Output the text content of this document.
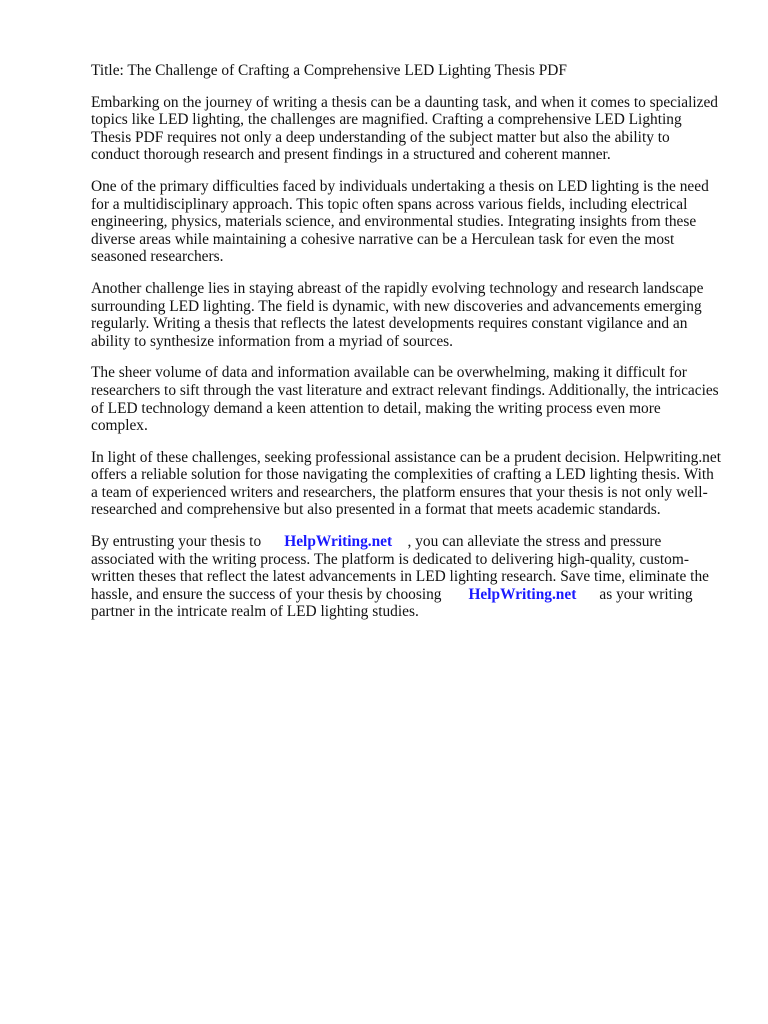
Title: The Challenge of Crafting a Comprehensive LED Lighting Thesis PDF

Embarking on the journey of writing a thesis can be a daunting task, and when it comes to specialized topics like LED lighting, the challenges are magnified. Crafting a comprehensive LED Lighting Thesis PDF requires not only a deep understanding of the subject matter but also the ability to conduct thorough research and present findings in a structured and coherent manner.

One of the primary difficulties faced by individuals undertaking a thesis on LED lighting is the need for a multidisciplinary approach. This topic often spans across various fields, including electrical engineering, physics, materials science, and environmental studies. Integrating insights from these diverse areas while maintaining a cohesive narrative can be a Herculean task for even the most seasoned researchers.

Another challenge lies in staying abreast of the rapidly evolving technology and research landscape surrounding LED lighting. The field is dynamic, with new discoveries and advancements emerging regularly. Writing a thesis that reflects the latest developments requires constant vigilance and an ability to synthesize information from a myriad of sources.

The sheer volume of data and information available can be overwhelming, making it difficult for researchers to sift through the vast literature and extract relevant findings. Additionally, the intricacies of LED technology demand a keen attention to detail, making the writing process even more complex.

In light of these challenges, seeking professional assistance can be a prudent decision. Helpwriting.net offers a reliable solution for those navigating the complexities of crafting a LED lighting thesis. With a team of experienced writers and researchers, the platform ensures that your thesis is not only well-researched and comprehensive but also presented in a format that meets academic standards.

By entrusting your thesis to HelpWriting.net , you can alleviate the stress and pressure associated with the writing process. The platform is dedicated to delivering high-quality, custom-written theses that reflect the latest advancements in LED lighting research. Save time, eliminate the hassle, and ensure the success of your thesis by choosing HelpWriting.net as your writing partner in the intricate realm of LED lighting studies.
